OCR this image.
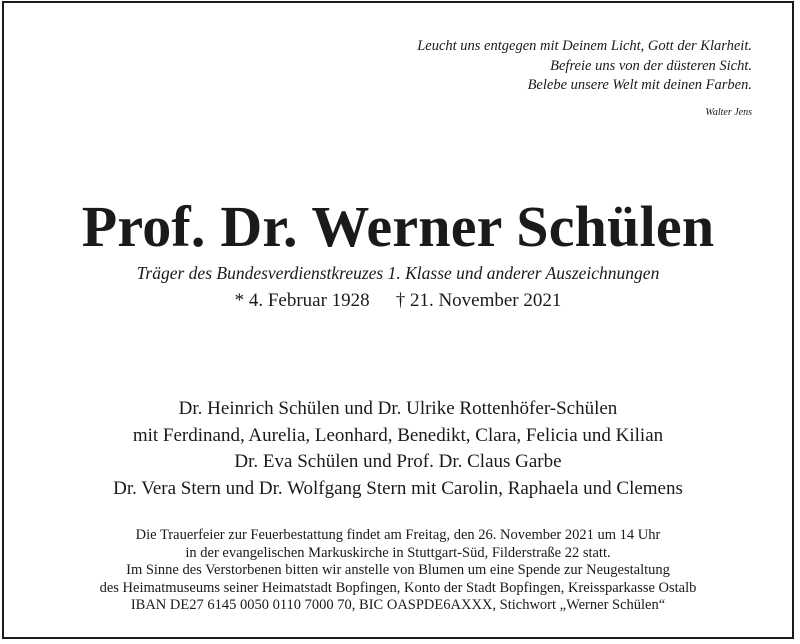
Leucht uns entgegen mit Deinem Licht, Gott der Klarheit.
Befreie uns von der düsteren Sicht.
Belebe unsere Welt mit deinen Farben.
Walter Jens
Prof. Dr. Werner Schülen
Träger des Bundesverdienstkreuzes 1. Klasse und anderer Auszeichnungen
* 4. Februar 1928 † 21. November 2021
Dr. Heinrich Schülen und Dr. Ulrike Rottenhöfer-Schülen
mit Ferdinand, Aurelia, Leonhard, Benedikt, Clara, Felicia und Kilian
Dr. Eva Schülen und Prof. Dr. Claus Garbe
Dr. Vera Stern und Dr. Wolfgang Stern mit Carolin, Raphaela und Clemens
Die Trauerfeier zur Feuerbestattung findet am Freitag, den 26. November 2021 um 14 Uhr
in der evangelischen Markuskirche in Stuttgart-Süd, Filderstraße 22 statt.
Im Sinne des Verstorbenen bitten wir anstelle von Blumen um eine Spende zur Neugestaltung
des Heimatmuseums seiner Heimatstadt Bopfingen, Konto der Stadt Bopfingen, Kreissparkasse Ostalb
IBAN DE27 6145 0050 0110 7000 70, BIC OASPDE6AXXX, Stichwort „Werner Schülen“
